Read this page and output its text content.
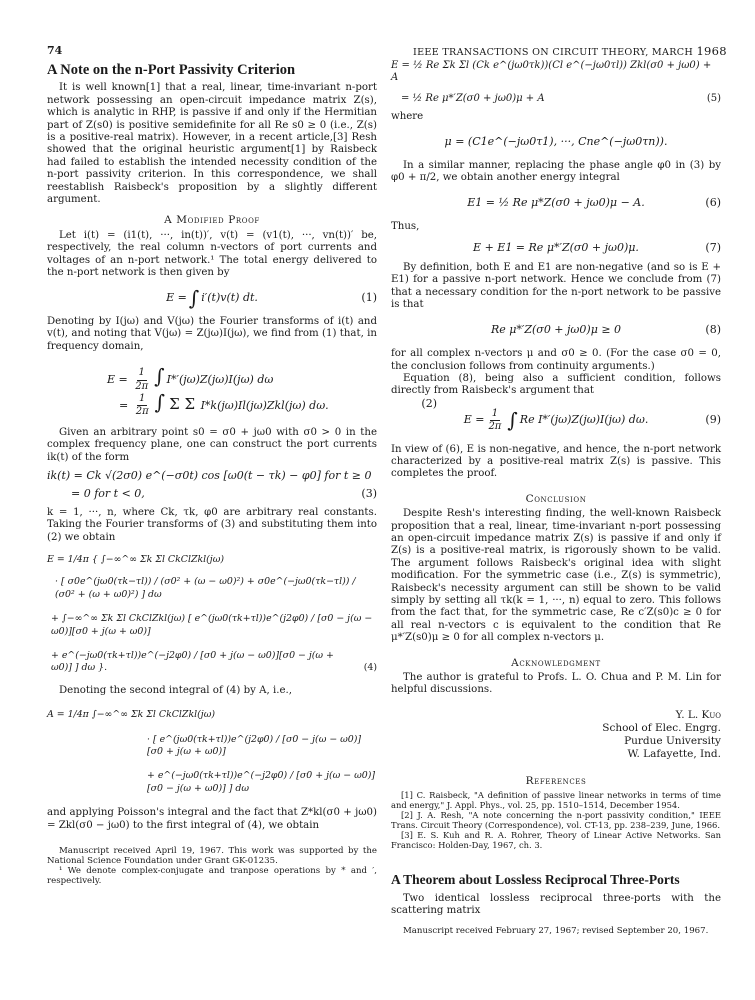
74	IEEE TRANSACTIONS ON CIRCUIT THEORY, MARCH 1968
A Note on the n-Port Passivity Criterion

It is well known[1] that a real, linear, time-invariant n-port network possessing an open-circuit impedance matrix Z(s), which is analytic in RHP, is passive if and only if the Hermitian part of Z(s0) is positive semidefinite for all Re s0 ≥ 0 (i.e., Z(s) is a positive-real matrix). However, in a recent article,[3] Resh showed that the original heuristic argument[1] by Raisbeck had failed to establish the intended necessity condition of the n-port passivity criterion. In this correspondence, we shall reestablish Raisbeck's proposition by a slightly different argument.

A Modified Proof

Let i(t) = (i1(t), ···, in(t))′, v(t) = (v1(t), ···, vn(t))′ be, respectively, the real column n-vectors of port currents and voltages of an n-port network.¹ The total energy delivered to the n-port network is then given by

E = ∫ i′(t)v(t) dt.	(1)

Denoting by I(jω) and V(jω) the Fourier transforms of i(t) and v(t), and noting that V(jω) = Z(jω)I(jω), we find from (1) that, in frequency domain,

$E = \frac{1}{2\pi}$ ∫ I*′(jω)Z(jω)I(jω) dω
= $\frac{1}{2\pi}$ ∫ Σ Σ I*k(jω)Il(jω)Zkl(jω) dω.	(2)

Given an arbitrary point s0 = σ0 + jω0 with σ0 > 0 in the complex frequency plane, one can construct the port currents ik(t) of the form

ik(t) = Ck √(2σ0) e^(−σ0t) cos [ω0(t − τk) − φ0] for t ≥ 0
= 0 for t < 0,	(3)

k = 1, ···, n, where Ck, τk, φ0 are arbitrary real constants. Taking the Fourier transforms of (3) and substituting them into (2) we obtain

E = 1/4π { ∫−∞^∞ Σk Σl CkClZkl(jω)
· [ σ0e^(jω0(τk−τl)) / (σ0² + (ω − ω0)²) + σ0e^(−jω0(τk−τl)) / (σ0² + (ω + ω0)²) ] dω
+ ∫−∞^∞ Σk Σl CkClZkl(jω) [ e^(jω0(τk+τl))e^(j2φ0) / [σ0 − j(ω − ω0)][σ0 + j(ω + ω0)]
+ e^(−jω0(τk+τl))e^(−j2φ0) / [σ0 + j(ω − ω0)][σ0 − j(ω + ω0)] ] dω }.	(4)

Denoting the second integral of (4) by A, i.e.,

A = 1/4π ∫−∞^∞ Σk Σl CkClZkl(jω)
· [ e^(jω0(τk+τl))e^(j2φ0) / [σ0 − j(ω − ω0)][σ0 + j(ω + ω0)]
+ e^(−jω0(τk+τl))e^(−j2φ0) / [σ0 + j(ω − ω0)][σ0 − j(ω + ω0)] ] dω

and applying Poisson's integral and the fact that Z*kl(σ0 + jω0) = Zkl(σ0 − jω0) to the first integral of (4), we obtain

Manuscript received April 19, 1967. This work was supported by the National Science Foundation under Grant GK-01235.

¹ We denote complex-conjugate and tranpose operations by * and ′, respectively.

E = ½ Re Σk Σl (Ck e^(jω0τk))(Cl e^(−jω0τl)) Zkl(σ0 + jω0) + A
= ½ Re μ*′Z(σ0 + jω0)μ + A	(5)

where

μ = (C1e^(−jω0τ1), ···, Cne^(−jω0τn)).

In a similar manner, replacing the phase angle φ0 in (3) by φ0 + π/2, we obtain another energy integral

E1 = ½ Re μ*Z(σ0 + jω0)μ − A.	(6)

Thus,

E + E1 = Re μ*′Z(σ0 + jω0)μ.	(7)

By definition, both E and E1 are non-negative (and so is E + E1) for a passive n-port network. Hence we conclude from (7) that a necessary condition for the n-port network to be passive is that

Re μ*′Z(σ0 + jω0)μ ≥ 0	(8)

for all complex n-vectors μ and σ0 ≥ 0. (For the case σ0 = 0, the conclusion follows from continuity arguments.)

Equation (8), being also a sufficient condition, follows directly from Raisbeck's argument that

$E = \frac{1}{2\pi}$ ∫ Re I*′(jω)Z(jω)I(jω) dω.	(9)

In view of (6), E is non-negative, and hence, the n-port network characterized by a positive-real matrix Z(s) is passive. This completes the proof.

Conclusion

Despite Resh's interesting finding, the well-known Raisbeck proposition that a real, linear, time-invariant n-port possessing an open-circuit impedance matrix Z(s) is passive if and only if Z(s) is a positive-real matrix, is rigorously shown to be valid. The argument follows Raisbeck's original idea with slight modification. For the symmetric case (i.e., Z(s) is symmetric), Raisbeck's necessity argument can still be shown to be valid simply by setting all τk(k = 1, ···, n) equal to zero. This follows from the fact that, for the symmetric case, Re c′Z(s0)c ≥ 0 for all real n-vectors c is equivalent to the condition that Re μ*′Z(s0)μ ≥ 0 for all complex n-vectors μ.

Acknowledgment

The author is grateful to Profs. L. O. Chua and P. M. Lin for helpful discussions.

Y. L. Kuo
School of Elec. Engrg.
Purdue University
W. Lafayette, Ind.
References

[1] C. Raisbeck, "A definition of passive linear networks in terms of time and energy," J. Appl. Phys., vol. 25, pp. 1510–1514, December 1954.

[2] J. A. Resh, "A note concerning the n-port passivity condition," IEEE Trans. Circuit Theory (Correspondence), vol. CT-13, pp. 238–239, June, 1966.

[3] E. S. Kuh and R. A. Rohrer, Theory of Linear Active Networks. San Francisco: Holden-Day, 1967, ch. 3.

A Theorem about Lossless Reciprocal Three-Ports

Two identical lossless reciprocal three-ports with the scattering matrix

Manuscript received February 27, 1967; revised September 20, 1967.
